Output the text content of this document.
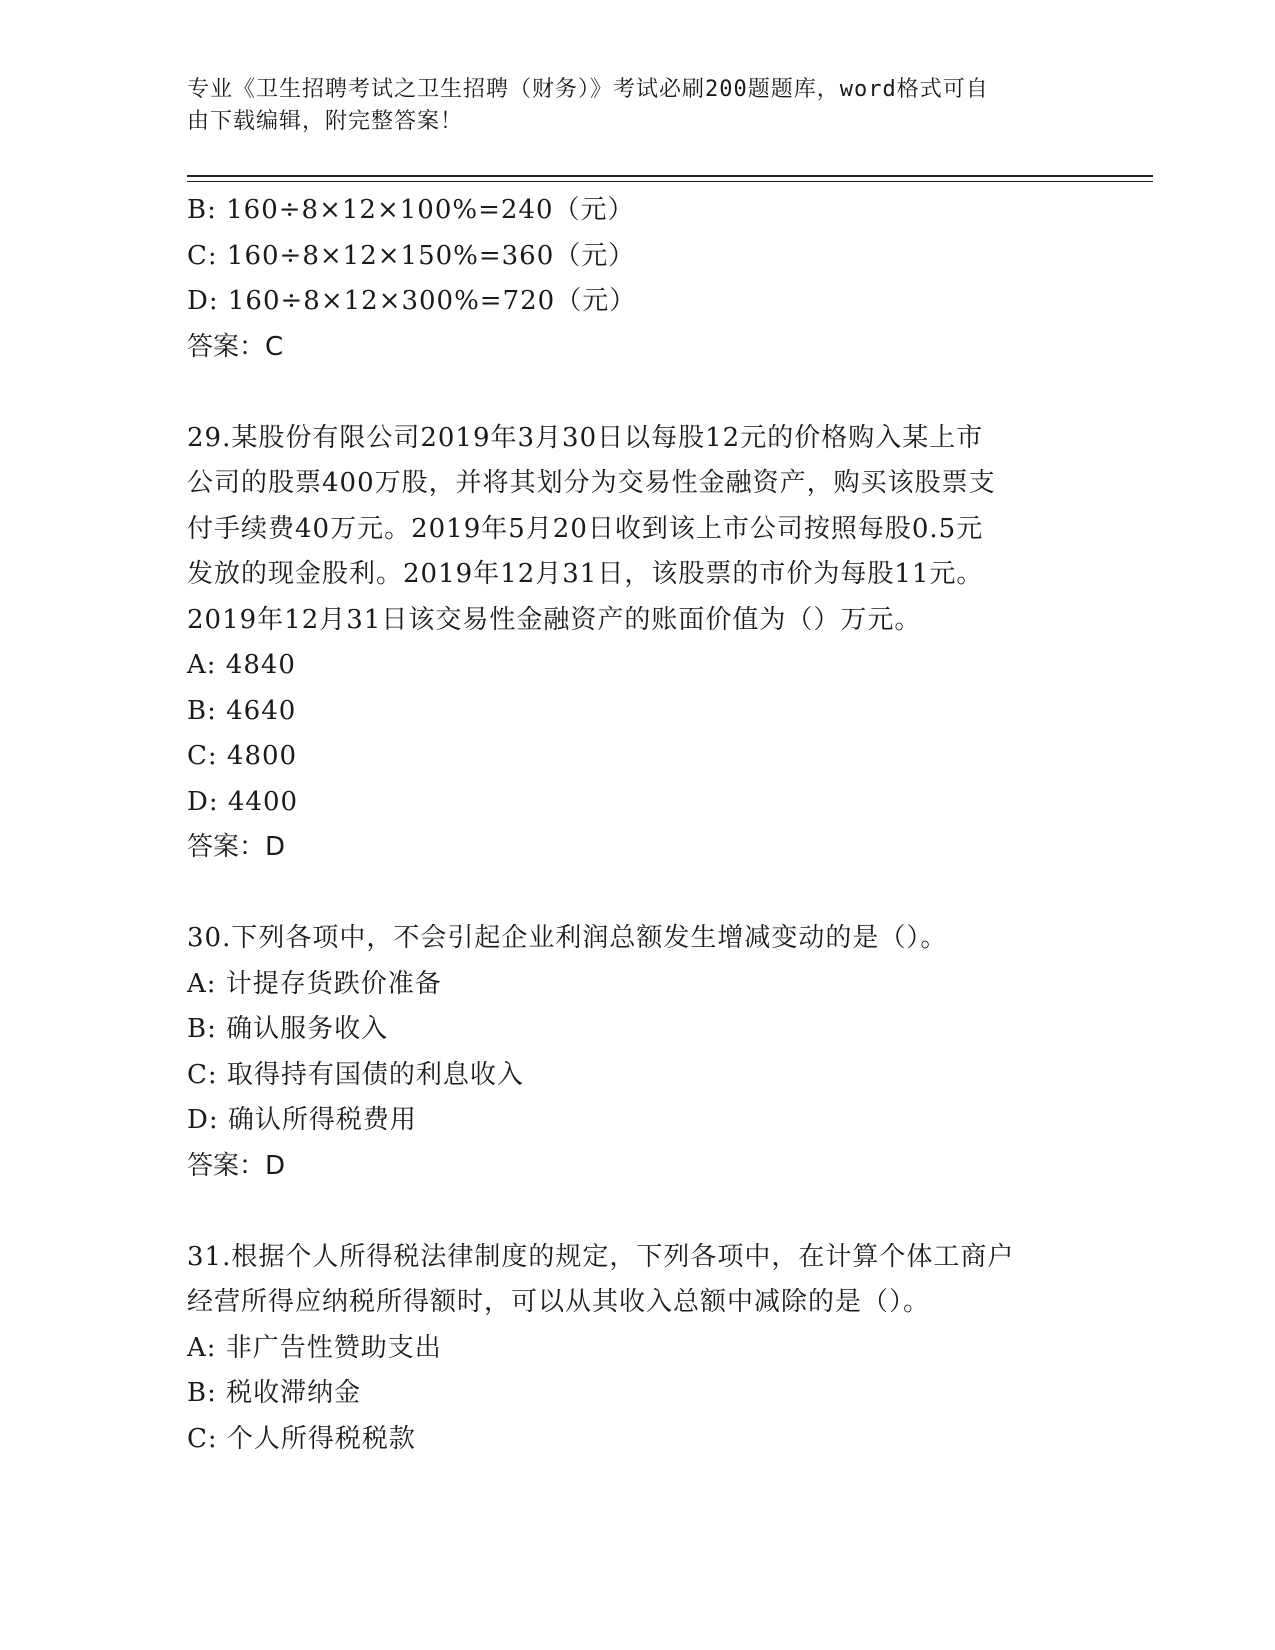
专业《卫生招聘考试之卫生招聘（财务）》考试必刷200题题库，word格式可自
由下载编辑，附完整答案！
B: 160÷8×12×100%=240（元）
C: 160÷8×12×150%=360（元）
D: 160÷8×12×300%=720（元）
答案：C
29.某股份有限公司2019年3月30日以每股12元的价格购入某上市
公司的股票400万股，并将其划分为交易性金融资产，购买该股票支
付手续费40万元。2019年5月20日收到该上市公司按照每股0.5元
发放的现金股利。2019年12月31日，该股票的市价为每股11元。
2019年12月31日该交易性金融资产的账面价值为（）万元。
A: 4840
B: 4640
C: 4800
D: 4400
答案：D
30.下列各项中，不会引起企业利润总额发生增减变动的是（）。
A: 计提存货跌价准备
B: 确认服务收入
C: 取得持有国债的利息收入
D: 确认所得税费用
答案：D
31.根据个人所得税法律制度的规定，下列各项中，在计算个体工商户
经营所得应纳税所得额时，可以从其收入总额中减除的是（）。
A: 非广告性赞助支出
B: 税收滞纳金
C: 个人所得税税款
